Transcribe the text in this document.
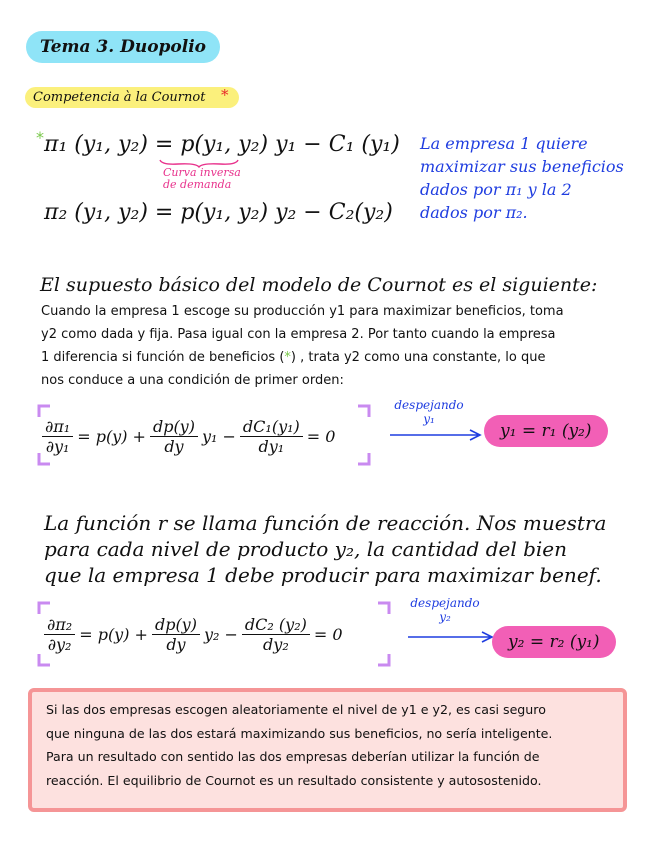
Tema 3. Duopolio
Competencia à la Cournot *
* π₁ (y₁, y₂) = p(y₁, y₂) y₁ − C₁ (y₁)
Curva inversa
de demanda
π₂ (y₁, y₂) = p(y₁, y₂) y₂ − C₂(y₂)
La empresa 1 quiere
maximizar sus beneficios
dados por π₁ y la 2
dados por π₂.
El supuesto básico del modelo de Cournot es el siguiente:
Cuando la empresa 1 escoge su producción y1 para maximizar beneficios, toma
y2 como dada y fija. Pasa igual con la empresa 2. Por tanto cuando la empresa
1 diferencia si función de beneficios (*) , trata y2 como una constante, lo que
nos conduce a una condición de primer orden:
$\frac{\text{∂π₁}}{\text{∂y₁}} = p(y) + \frac{dp(y)}{dy} y_1 - \frac{\text{dC₁(y₁)}}{\text{dy₁}} = 0$
despejando
y₁
y₁ = r₁ (y₂)
La función r se llama función de reacción. Nos muestra
para cada nivel de producto y₂, la cantidad del bien
que la empresa 1 debe producir para maximizar benef.
$\frac{\text{∂π₂}}{\text{∂y₂}} = p(y) + \frac{dp(y)}{dy} y_2 - \frac{\text{dC₂ (y₂)}}{\text{dy₂}} = 0$
despejando
y₂
y₂ = r₂ (y₁)

Si las dos empresas escogen aleatoriamente el nivel de y1 e y2, es casi seguro

que ninguna de las dos estará maximizando sus beneficios, no sería inteligente.

Para un resultado con sentido las dos empresas deberían utilizar la función de

reacción. El equilibrio de Cournot es un resultado consistente y autosostenido.
